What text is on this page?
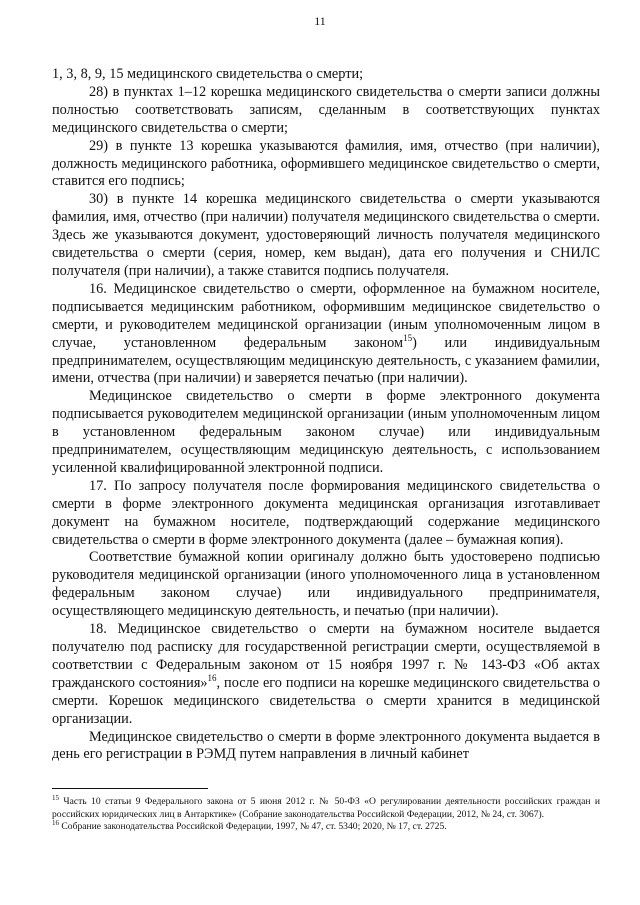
11

1, 3, 8, 9, 15 медицинского свидетельства о смерти;

28) в пунктах 1–12 корешка медицинского свидетельства о смерти записи должны полностью соответствовать записям, сделанным в соответствующих пунктах медицинского свидетельства о смерти;

29) в пункте 13 корешка указываются фамилия, имя, отчество (при наличии), должность медицинского работника, оформившего медицинское свидетельство о смерти, ставится его подпись;

30) в пункте 14 корешка медицинского свидетельства о смерти указываются фамилия, имя, отчество (при наличии) получателя медицинского свидетельства о смерти. Здесь же указываются документ, удостоверяющий личность получателя медицинского свидетельства о смерти (серия, номер, кем выдан), дата его получения и СНИЛС получателя (при наличии), а также ставится подпись получателя.

16. Медицинское свидетельство о смерти, оформленное на бумажном носителе, подписывается медицинским работником, оформившим медицинское свидетельство о смерти, и руководителем медицинской организации (иным уполномоченным лицом в случае, установленном федеральным законом$^{15}$) или индивидуальным предпринимателем, осуществляющим медицинскую деятельность, с указанием фамилии, имени, отчества (при наличии) и заверяется печатью (при наличии).

Медицинское свидетельство о смерти в форме электронного документа подписывается руководителем медицинской организации (иным уполномоченным лицом в установленном федеральным законом случае) или индивидуальным предпринимателем, осуществляющим медицинскую деятельность, с использованием усиленной квалифицированной электронной подписи.

17. По запросу получателя после формирования медицинского свидетельства о смерти в форме электронного документа медицинская организация изготавливает документ на бумажном носителе, подтверждающий содержание медицинского свидетельства о смерти в форме электронного документа (далее – бумажная копия).

Соответствие бумажной копии оригиналу должно быть удостоверено подписью руководителя медицинской организации (иного уполномоченного лица в установленном федеральным законом случае) или индивидуального предпринимателя, осуществляющего медицинскую деятельность, и печатью (при наличии).

18. Медицинское свидетельство о смерти на бумажном носителе выдается получателю под расписку для государственной регистрации смерти, осуществляемой в соответствии с Федеральным законом от 15 ноября 1997 г. № 143-ФЗ «Об актах гражданского состояния»$^{16}$, после его подписи на корешке медицинского свидетельства о смерти. Корешок медицинского свидетельства о смерти хранится в медицинской организации.

Медицинское свидетельство о смерти в форме электронного документа выдается в день его регистрации в РЭМД путем направления в личный кабинет

$^{15}$ Часть 10 статьи 9 Федерального закона от 5 июня 2012 г. № 50-ФЗ «О регулировании деятельности российских граждан и российских юридических лиц в Антарктике» (Собрание законодательства Российской Федерации, 2012, № 24, ст. 3067).

$^{16}$ Собрание законодательства Российской Федерации, 1997, № 47, ст. 5340; 2020, № 17, ст. 2725.
